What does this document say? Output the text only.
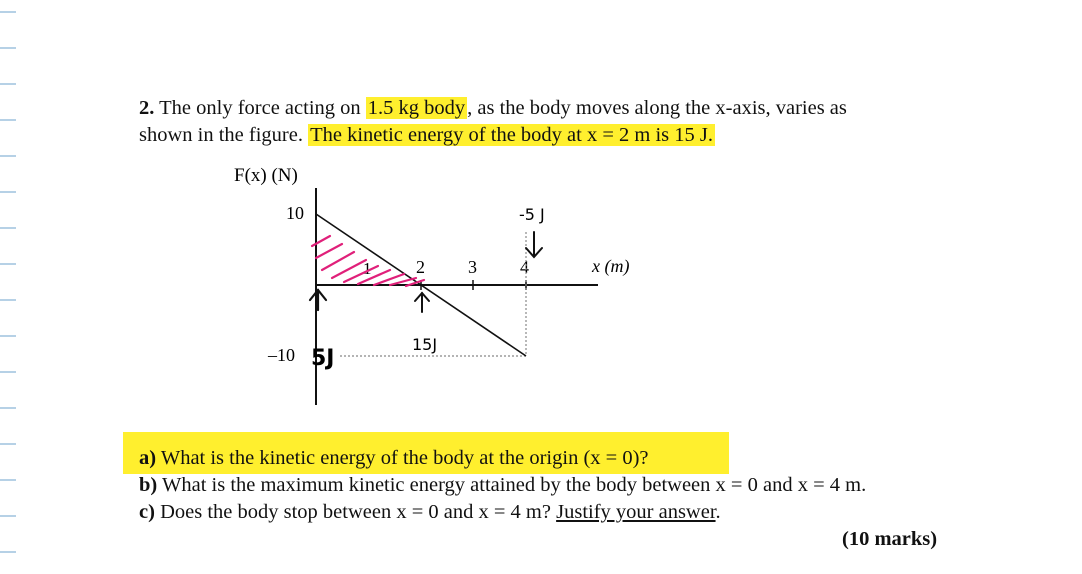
2. The only force acting on 1.5 kg body, as the body moves along the x-axis, varies as
shown in the figure. The kinetic energy of the body at x = 2 m is 15 J.
F(x) (N)
10
–10
1 2 3 4	x (m)
-5 J
5J
15J
a) What is the kinetic energy of the body at the origin (x = 0)?
b) What is the maximum kinetic energy attained by the body between x = 0 and x = 4 m.
c) Does the body stop between x = 0 and x = 4 m? Justify your answer.
(10 marks)
